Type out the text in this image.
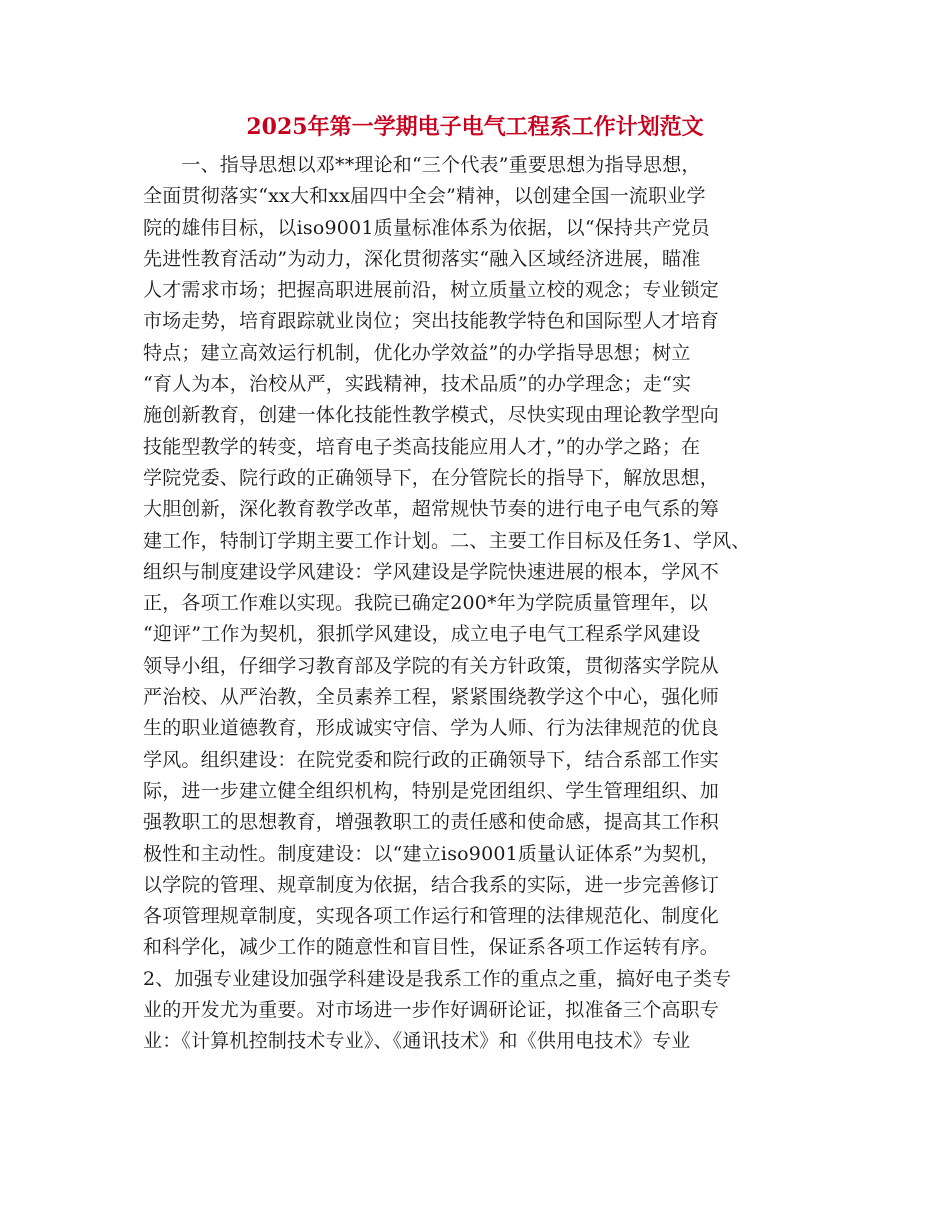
2025年第一学期电子电气工程系工作计划范文
　　一、指导思想以邓**理论和“三个代表”重要思想为指导思想，
全面贯彻落实“xx大和xx届四中全会”精神，以创建全国一流职业学
院的雄伟目标，以iso9001质量标准体系为依据，以“保持共产党员
先进性教育活动”为动力，深化贯彻落实“融入区域经济进展，瞄准
人才需求市场；把握高职进展前沿，树立质量立校的观念；专业锁定
市场走势，培育跟踪就业岗位；突出技能教学特色和国际型人才培育
特点；建立高效运行机制，优化办学效益”的办学指导思想；树立
“育人为本，治校从严，实践精神，技术品质”的办学理念；走“实
施创新教育，创建一体化技能性教学模式，尽快实现由理论教学型向
技能型教学的转变，培育电子类高技能应用人才，”的办学之路；在
学院党委、院行政的正确领导下，在分管院长的指导下，解放思想，
大胆创新，深化教育教学改革，超常规快节奏的进行电子电气系的筹
建工作，特制订学期主要工作计划。二、主要工作目标及任务1、学风、
组织与制度建设学风建设：学风建设是学院快速进展的根本，学风不
正，各项工作难以实现。我院已确定200*年为学院质量管理年，以
“迎评”工作为契机，狠抓学风建设，成立电子电气工程系学风建设
领导小组，仔细学习教育部及学院的有关方针政策，贯彻落实学院从
严治校、从严治教，全员素养工程，紧紧围绕教学这个中心，强化师
生的职业道德教育，形成诚实守信、学为人师、行为法律规范的优良
学风。组织建设：在院党委和院行政的正确领导下，结合系部工作实
际，进一步建立健全组织机构，特别是党团组织、学生管理组织、加
强教职工的思想教育，增强教职工的责任感和使命感，提高其工作积
极性和主动性。制度建设：以“建立iso9001质量认证体系”为契机，
以学院的管理、规章制度为依据，结合我系的实际，进一步完善修订
各项管理规章制度，实现各项工作运行和管理的法律规范化、制度化
和科学化，减少工作的随意性和盲目性，保证系各项工作运转有序。
2、加强专业建设加强学科建设是我系工作的重点之重，搞好电子类专
业的开发尤为重要。对市场进一步作好调研论证，拟准备三个高职专
业：《计算机控制技术专业》、《通讯技术》和《供用电技术》专业
